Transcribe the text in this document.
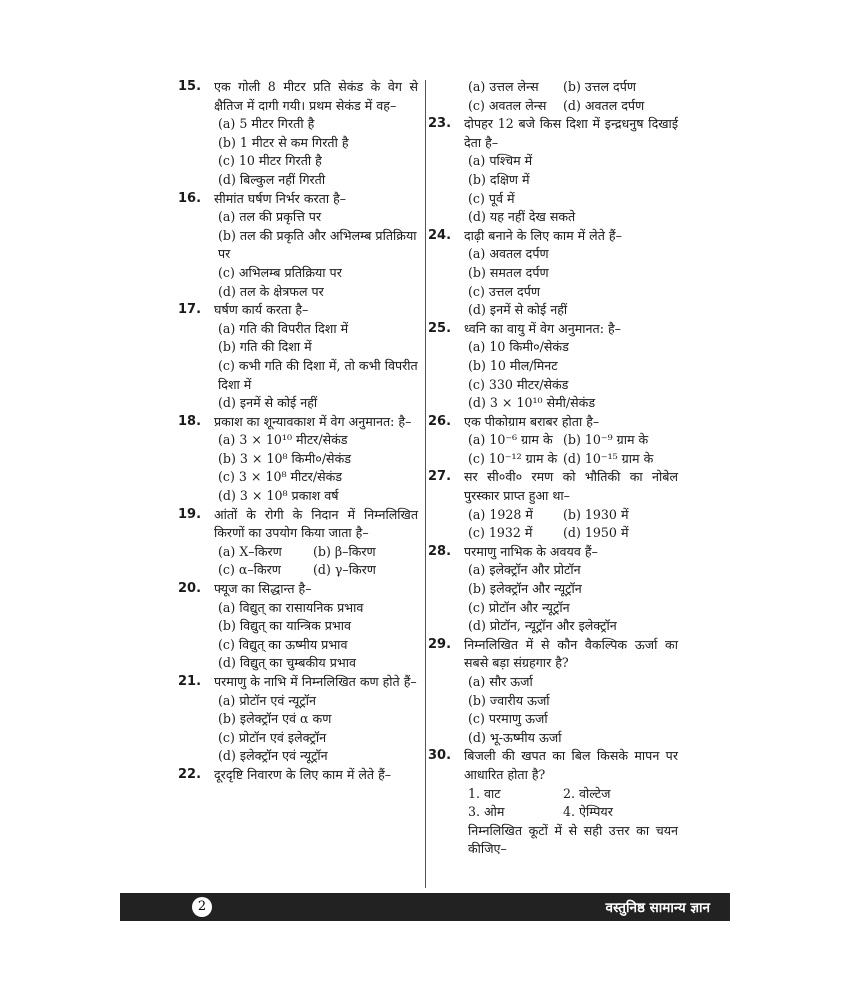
15.	एक गोली 8 मीटर प्रति सेकंड के वेग से क्षैतिज में दागी गयी। प्रथम सेकंड में वह–
(a) 5 मीटर गिरती है
(b) 1 मीटर से कम गिरती है
(c) 10 मीटर गिरती है
(d) बिल्कुल नहीं गिरती
16.	सीमांत घर्षण निर्भर करता है–
(a) तल की प्रकृत्ति पर
(b) तल की प्रकृति और अभिलम्ब प्रतिक्रिया पर
(c) अभिलम्ब प्रतिक्रिया पर
(d) तल के क्षेत्रफल पर
17.	घर्षण कार्य करता है–
(a) गति की विपरीत दिशा में
(b) गति की दिशा में
(c) कभी गति की दिशा में, तो कभी विपरीत दिशा में
(d) इनमें से कोई नहीं
18.	प्रकाश का शून्यावकाश में वेग अनुमानत: है–
(a) 3 × 10¹⁰ मीटर/सेकंड
(b) 3 × 10⁸ किमी०/सेकंड
(c) 3 × 10⁸ मीटर/सेकंड
(d) 3 × 10⁸ प्रकाश वर्ष
19.	आंतों के रोगी के निदान में निम्नलिखित किरणों का उपयोग किया जाता है–
(a) X–किरण	(b) β–किरण
(c) α–किरण	(d) γ–किरण
20.	फ्यूज का सिद्धान्त है–
(a) विद्युत् का रासायनिक प्रभाव
(b) विद्युत् का यान्त्रिक प्रभाव
(c) विद्युत् का ऊष्मीय प्रभाव
(d) विद्युत् का चुम्बकीय प्रभाव
21.	परमाणु के नाभि में निम्नलिखित कण होते हैं–
(a) प्रोटॉन एवं न्यूट्रॉन
(b) इलेक्ट्रॉन एवं α कण
(c) प्रोटॉन एवं इलेक्ट्रॉन
(d) इलेक्ट्रॉन एवं न्यूट्रॉन
22.	दूरदृष्टि निवारण के लिए काम में लेते हैं–
(a) उत्तल लेन्स	(b) उत्तल दर्पण
(c) अवतल लेन्स	(d) अवतल दर्पण
23.	दोपहर 12 बजे किस दिशा में इन्द्रधनुष दिखाई देता है–
(a) पश्चिम में
(b) दक्षिण में
(c) पूर्व में
(d) यह नहीं देख सकते
24.	दाढ़ी बनाने के लिए काम में लेते हैं–
(a) अवतल दर्पण
(b) समतल दर्पण
(c) उत्तल दर्पण
(d) इनमें से कोई नहीं
25.	ध्वनि का वायु में वेग अनुमानत: है–
(a) 10 किमी०/सेकंड
(b) 10 मील/मिनट
(c) 330 मीटर/सेकंड
(d) 3 × 10¹⁰ सेमी/सेकंड
26.	एक पीकोग्राम बराबर होता है–
(a) 10⁻⁶ ग्राम के (b) 10⁻⁹ ग्राम के
(c) 10⁻¹² ग्राम के (d) 10⁻¹⁵ ग्राम के
27.	सर सी०वी० रमण को भौतिकी का नोबेल पुरस्कार प्राप्त हुआ था–
(a) 1928 में	(b) 1930 में
(c) 1932 में	(d) 1950 में
28.	परमाणु नाभिक के अवयव हैं–
(a) इलेक्ट्रॉन और प्रोटॉन
(b) इलेक्ट्रॉन और न्यूट्रॉन
(c) प्रोटॉन और न्यूट्रॉन
(d) प्रोटॉन, न्यूट्रॉन और इलेक्ट्रॉन
29.	निम्नलिखित में से कौन वैकल्पिक ऊर्जा का सबसे बड़ा संग्रहगार है?
(a) सौर ऊर्जा
(b) ज्वारीय ऊर्जा
(c) परमाणु ऊर्जा
(d) भू-ऊष्मीय ऊर्जा
30.	बिजली की खपत का बिल किसके मापन पर आधारित होता है?
1. वाट	2. वोल्टेज
3. ओम	4. ऐम्पियर
निम्नलिखित कूटों में से सही उत्तर का चयन कीजिए–
2	वस्तुनिष्ठ सामान्य ज्ञान
